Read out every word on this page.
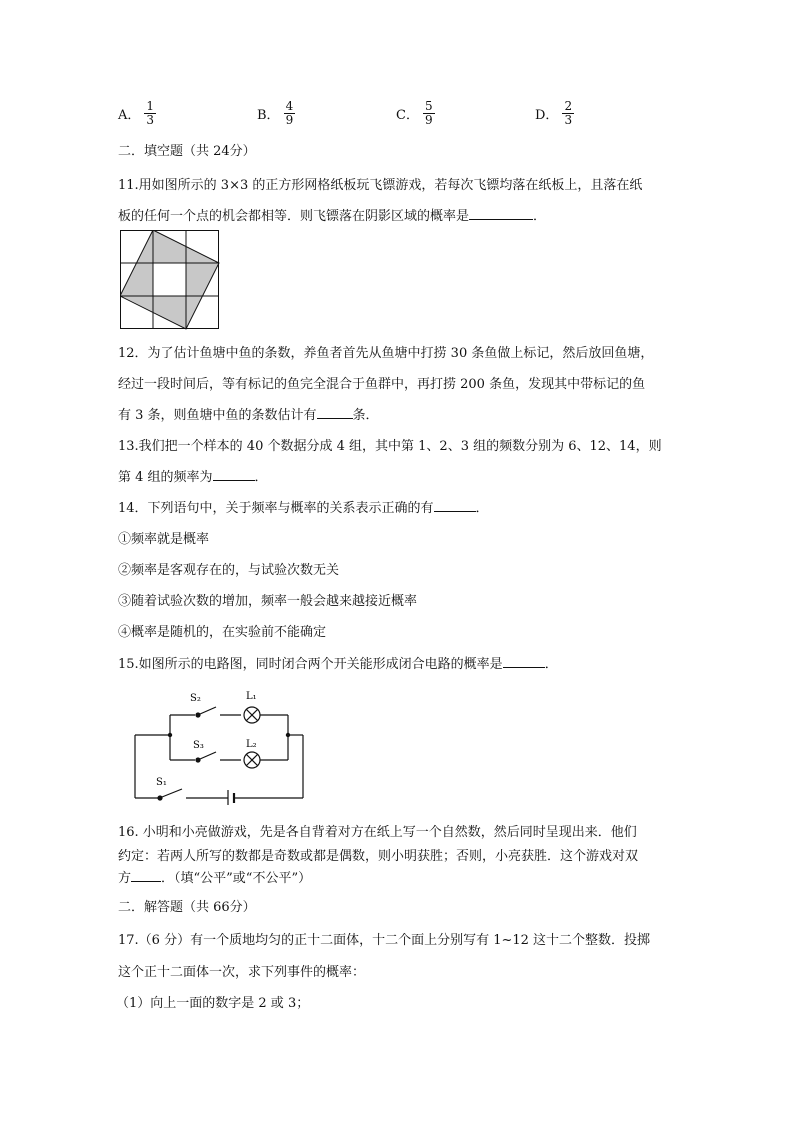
A． $\frac{1}{3}$	B． $\frac{4}{9}$	C． $\frac{5}{9}$	D． $\frac{2}{3}$
二．填空题（共 24分）
11.用如图所示的 3×3 的正方形网格纸板玩飞镖游戏，若每次飞镖均落在纸板上，且落在纸
板的任何一个点的机会都相等．则飞镖落在阴影区域的概率是	．
12．为了估计鱼塘中鱼的条数，养鱼者首先从鱼塘中打捞 30 条鱼做上标记，然后放回鱼塘，
经过一段时间后，等有标记的鱼完全混合于鱼群中，再打捞 200 条鱼，发现其中带标记的鱼
有 3 条，则鱼塘中鱼的条数估计有	条．
13.我们把一个样本的 40 个数据分成 4 组，其中第 1、2、3 组的频数分别为 6、12、14，则
第 4 组的频率为	．
14．下列语句中，关于频率与概率的关系表示正确的有	．
①频率就是概率
②频率是客观存在的，与试验次数无关
③随着试验次数的增加，频率一般会越来越接近概率
④概率是随机的，在实验前不能确定
15.如图所示的电路图，同时闭合两个开关能形成闭合电路的概率是	．
S₂	L₁
S₃	L₂
S₁
16. 小明和小亮做游戏，先是各自背着对方在纸上写一个自然数，然后同时呈现出来．他们
约定：若两人所写的数都是奇数或都是偶数，则小明获胜；否则，小亮获胜．这个游戏对双
方 ．（填“公平”或“不公平”）
二．解答题（共 66分）
17.（6 分）有一个质地均匀的正十二面体，十二个面上分别写有 1~12 这十二个整数．投掷
这个正十二面体一次，求下列事件的概率：
（1）向上一面的数字是 2 或 3；
